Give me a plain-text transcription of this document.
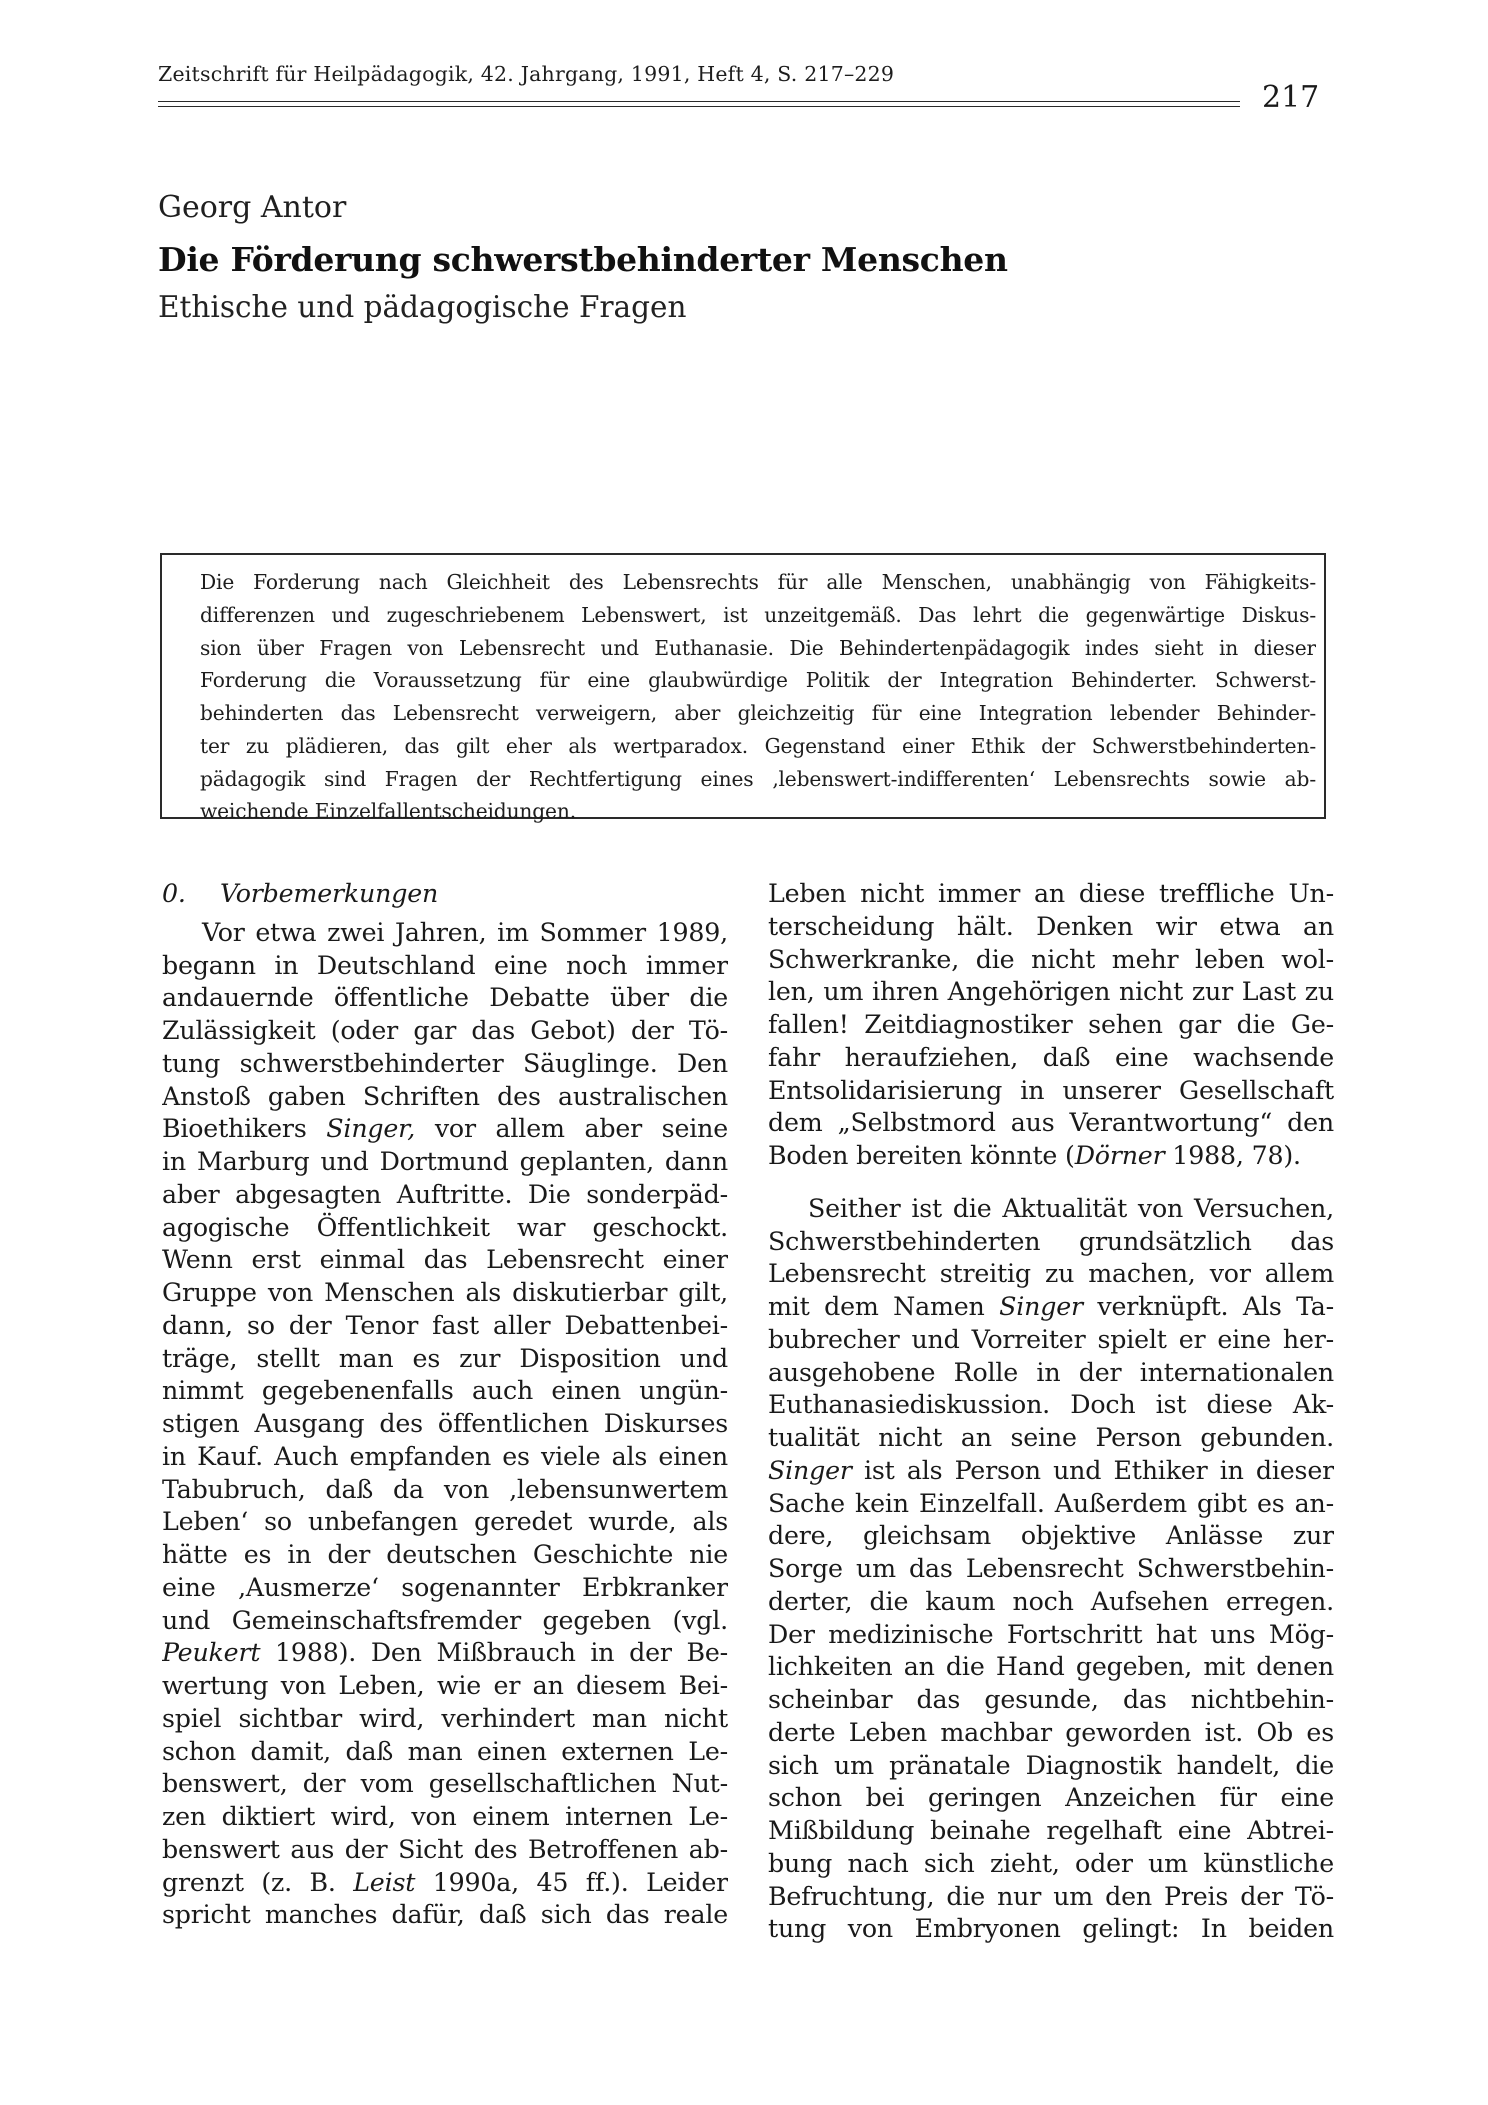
Zeitschrift für Heilpädagogik, 42. Jahrgang, 1991, Heft 4, S. 217–229
217
Georg Antor
Die Förderung schwerstbehinderter Menschen
Ethische und pädagogische Fragen
Die Forderung nach Gleichheit des Lebensrechts für alle Menschen, unabhängig von Fähigkeits-
differenzen und zugeschriebenem Lebenswert, ist unzeitgemäß. Das lehrt die gegenwärtige Diskus-
sion über Fragen von Lebensrecht und Euthanasie. Die Behindertenpädagogik indes sieht in dieser
Forderung die Voraussetzung für eine glaubwürdige Politik der Integration Behinderter. Schwerst-
behinderten das Lebensrecht verweigern, aber gleichzeitig für eine Integration lebender Behinder-
ter zu plädieren, das gilt eher als wertparadox. Gegenstand einer Ethik der Schwerstbehinderten-
pädagogik sind Fragen der Rechtfertigung eines ‚lebenswert-indifferenten‘ Lebensrechts sowie ab-
weichende Einzelfallentscheidungen.
0. Vorbemerkungen
Vor etwa zwei Jahren, im Sommer 1989,
begann in Deutschland eine noch immer
andauernde öffentliche Debatte über die
Zulässigkeit (oder gar das Gebot) der Tö-
tung schwerstbehinderter Säuglinge. Den
Anstoß gaben Schriften des australischen
Bioethikers Singer, vor allem aber seine
in Marburg und Dortmund geplanten, dann
aber abgesagten Auftritte. Die sonderpäd-
agogische Öffentlichkeit war geschockt.
Wenn erst einmal das Lebensrecht einer
Gruppe von Menschen als diskutierbar gilt,
dann, so der Tenor fast aller Debattenbei-
träge, stellt man es zur Disposition und
nimmt gegebenenfalls auch einen ungün-
stigen Ausgang des öffentlichen Diskurses
in Kauf. Auch empfanden es viele als einen
Tabubruch, daß da von ‚lebensunwertem
Leben‘ so unbefangen geredet wurde, als
hätte es in der deutschen Geschichte nie
eine ‚Ausmerze‘ sogenannter Erbkranker
und Gemeinschaftsfremder gegeben (vgl.
Peukert 1988). Den Mißbrauch in der Be-
wertung von Leben, wie er an diesem Bei-
spiel sichtbar wird, verhindert man nicht
schon damit, daß man einen externen Le-
benswert, der vom gesellschaftlichen Nut-
zen diktiert wird, von einem internen Le-
benswert aus der Sicht des Betroffenen ab-
grenzt (z. B. Leist 1990a, 45 ff.). Leider
spricht manches dafür, daß sich das reale
Leben nicht immer an diese treffliche Un-
terscheidung hält. Denken wir etwa an
Schwerkranke, die nicht mehr leben wol-
len, um ihren Angehörigen nicht zur Last zu
fallen! Zeitdiagnostiker sehen gar die Ge-
fahr heraufziehen, daß eine wachsende
Entsolidarisierung in unserer Gesellschaft
dem „Selbstmord aus Verantwortung“ den
Boden bereiten könnte (Dörner 1988, 78).
Seither ist die Aktualität von Versuchen,
Schwerstbehinderten grundsätzlich das
Lebensrecht streitig zu machen, vor allem
mit dem Namen Singer verknüpft. Als Ta-
bubrecher und Vorreiter spielt er eine her-
ausgehobene Rolle in der internationalen
Euthanasiediskussion. Doch ist diese Ak-
tualität nicht an seine Person gebunden.
Singer ist als Person und Ethiker in dieser
Sache kein Einzelfall. Außerdem gibt es an-
dere, gleichsam objektive Anlässe zur
Sorge um das Lebensrecht Schwerstbehin-
derter, die kaum noch Aufsehen erregen.
Der medizinische Fortschritt hat uns Mög-
lichkeiten an die Hand gegeben, mit denen
scheinbar das gesunde, das nichtbehin-
derte Leben machbar geworden ist. Ob es
sich um pränatale Diagnostik handelt, die
schon bei geringen Anzeichen für eine
Mißbildung beinahe regelhaft eine Abtrei-
bung nach sich zieht, oder um künstliche
Befruchtung, die nur um den Preis der Tö-
tung von Embryonen gelingt: In beiden
